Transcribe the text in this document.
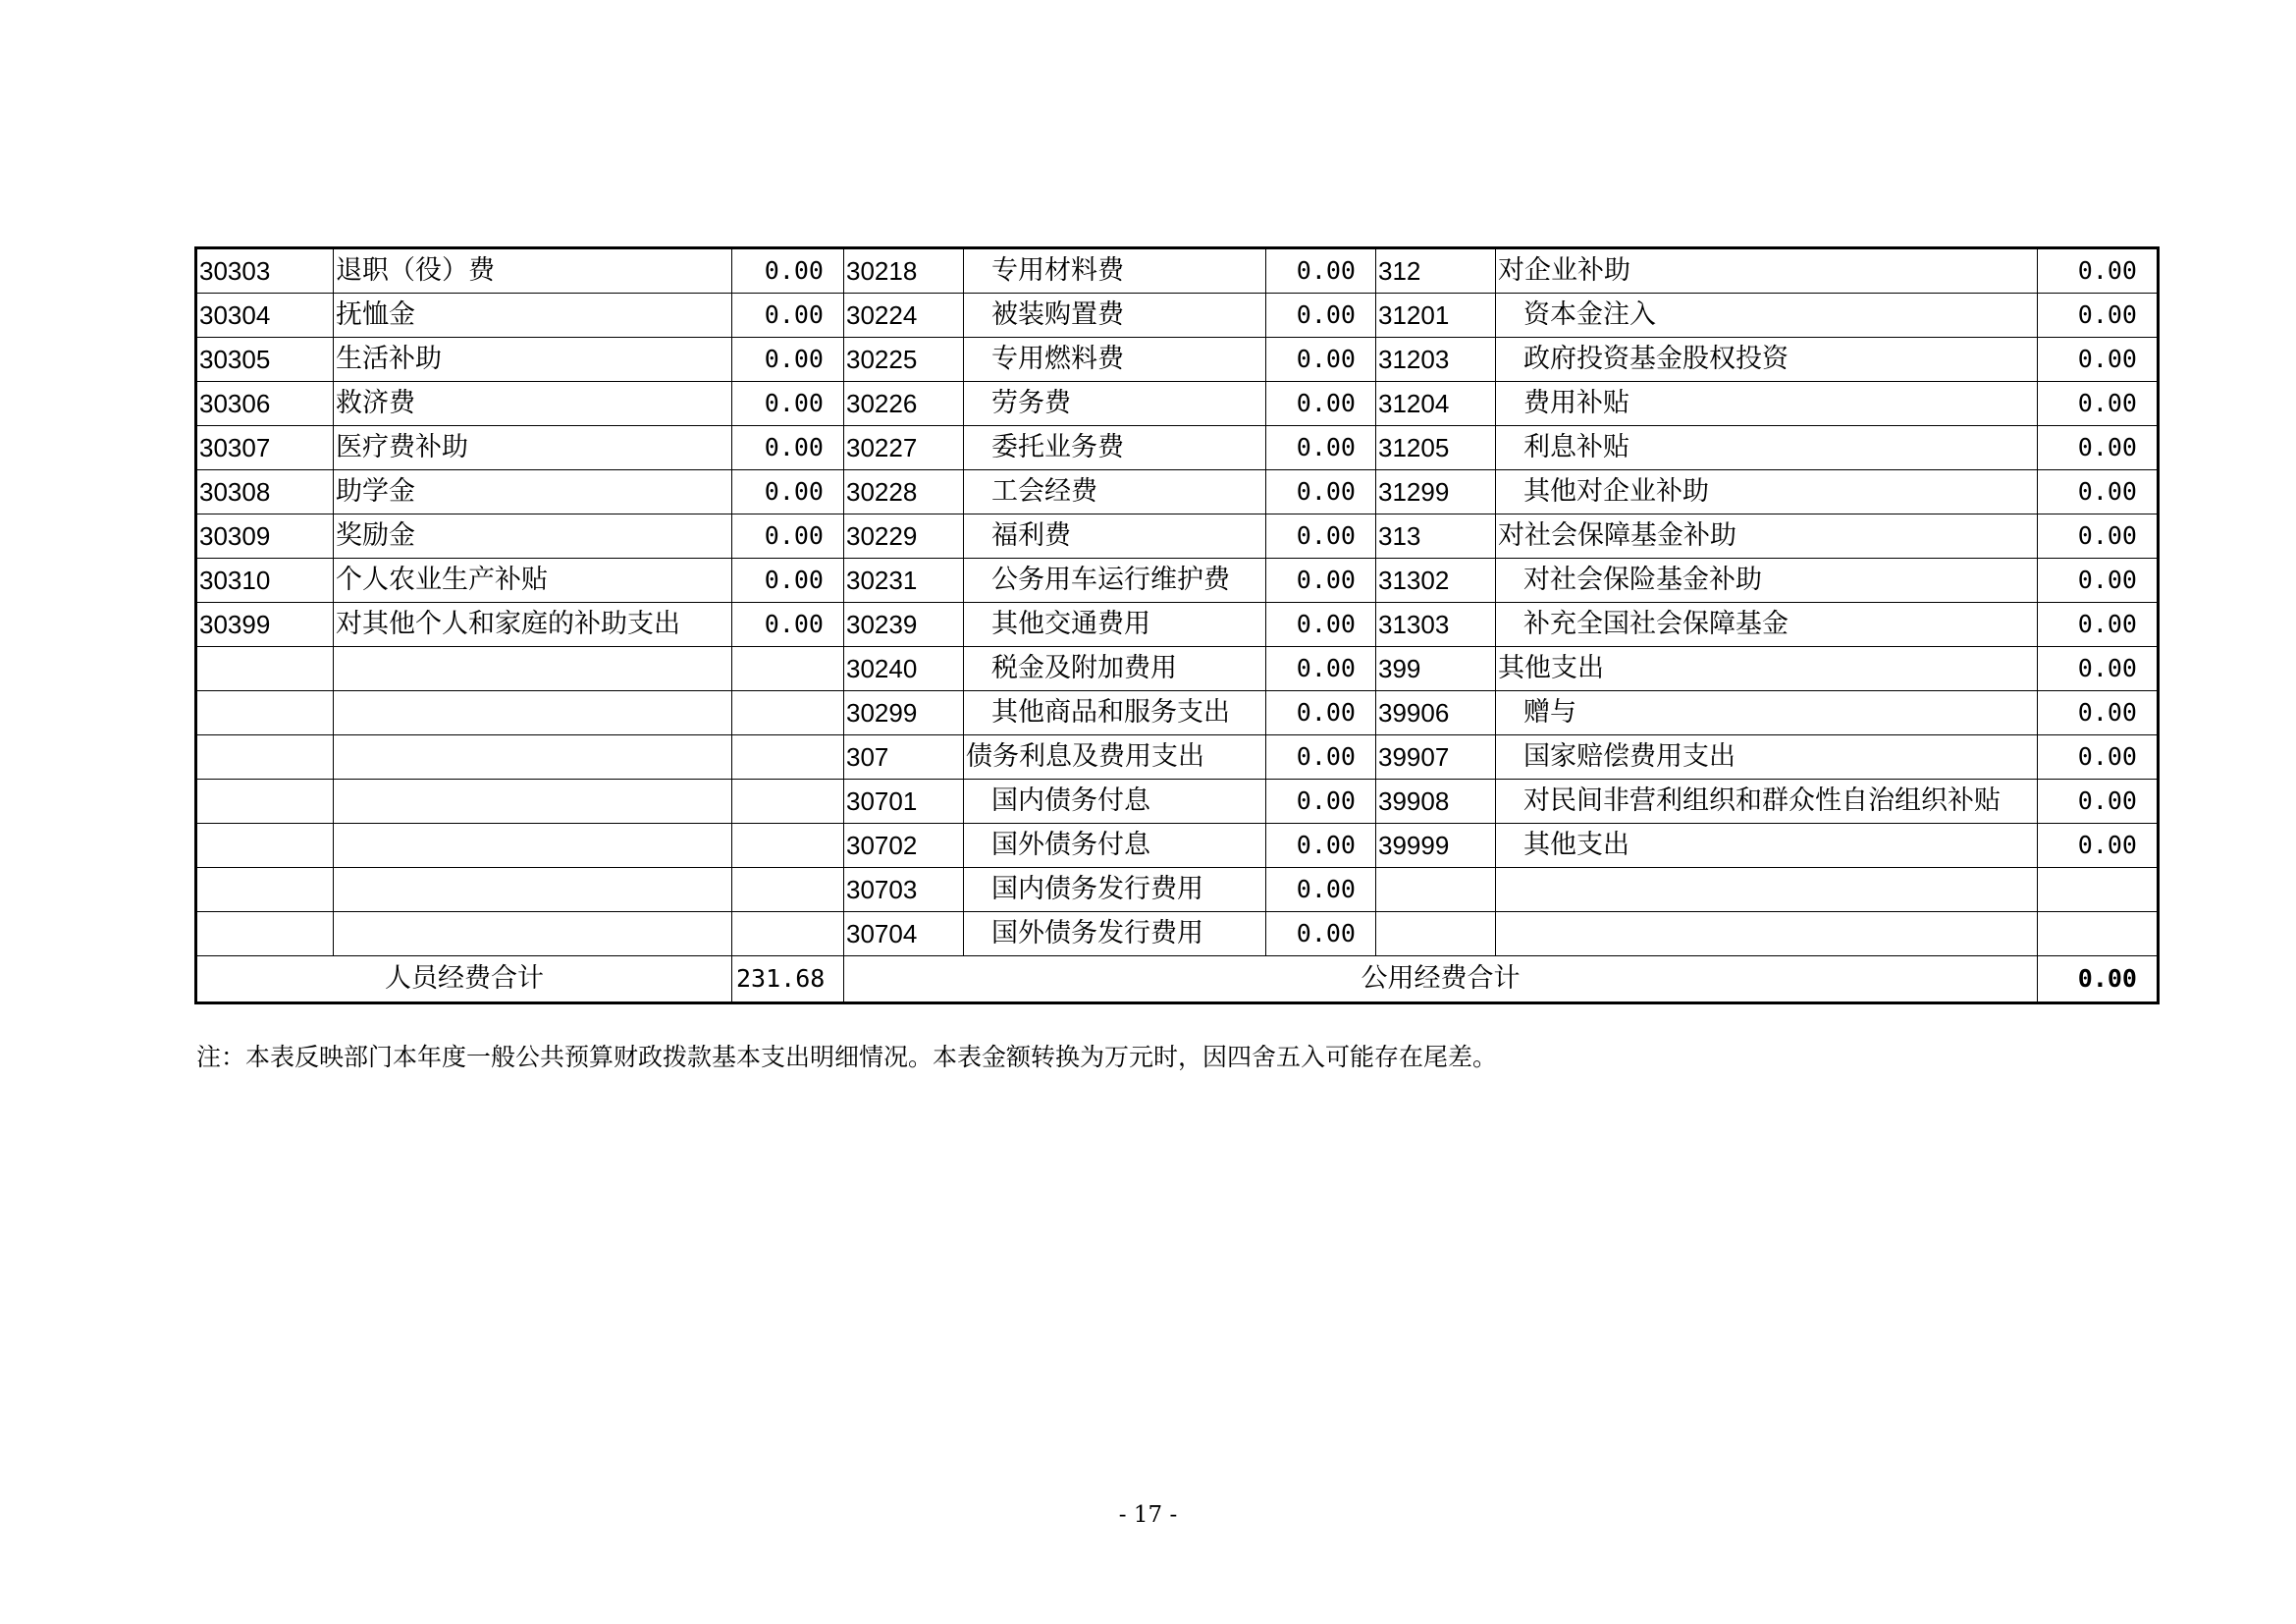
30303	退职（役）费	0.00	30218	专用材料费	0.00	312	对企业补助	0.00
30304	抚恤金	0.00	30224	被装购置费	0.00	31201	资本金注入	0.00
30305	生活补助	0.00	30225	专用燃料费	0.00	31203	政府投资基金股权投资	0.00
30306	救济费	0.00	30226	劳务费	0.00	31204	费用补贴	0.00
30307	医疗费补助	0.00	30227	委托业务费	0.00	31205	利息补贴	0.00
30308	助学金	0.00	30228	工会经费	0.00	31299	其他对企业补助	0.00
30309	奖励金	0.00	30229	福利费	0.00	313	对社会保障基金补助	0.00
30310	个人农业生产补贴	0.00	30231	公务用车运行维护费	0.00	31302	对社会保险基金补助	0.00
30399	对其他个人和家庭的补助支出	0.00	30239	其他交通费用	0.00	31303	补充全国社会保障基金	0.00
			30240	税金及附加费用	0.00	399	其他支出	0.00
			30299	其他商品和服务支出	0.00	39906	赠与	0.00
			307	债务利息及费用支出	0.00	39907	国家赔偿费用支出	0.00
			30701	国内债务付息	0.00	39908	对民间非营利组织和群众性自治组织补贴	0.00
			30702	国外债务付息	0.00	39999	其他支出	0.00
			30703	国内债务发行费用	0.00			
			30704	国外债务发行费用	0.00			
人员经费合计		231.68	公用经费合计					0.00
注：本表反映部门本年度一般公共预算财政拨款基本支出明细情况。本表金额转换为万元时，因四舍五入可能存在尾差。
- 17 -
